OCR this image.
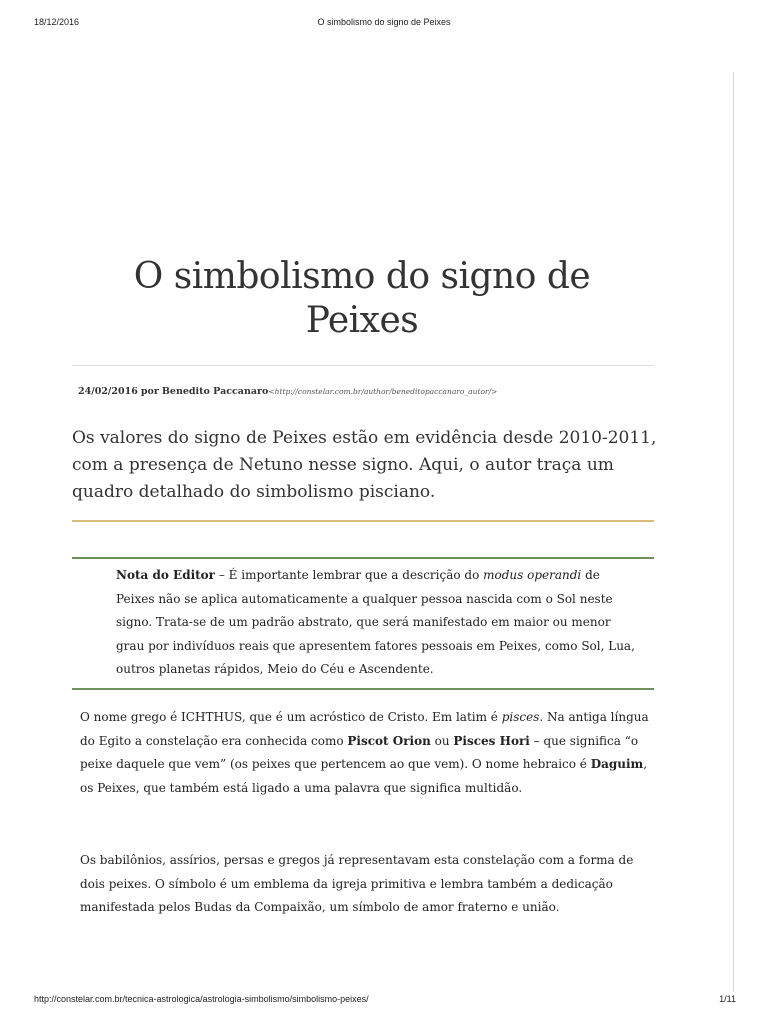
18/12/2016	O simbolismo do signo de Peixes
O simbolismo do signo de
Peixes
24/02/2016 por Benedito Paccanaro<http://constelar.com.br/author/beneditopaccanaro_autor/>

Os valores do signo de Peixes estão em evidência desde 2010-2011, com a presença de Netuno nesse signo. Aqui, o autor traça um quadro detalhado do simbolismo pisciano.

Nota do Editor – É importante lembrar que a descrição do modus operandi de Peixes não se aplica automaticamente a qualquer pessoa nascida com o Sol neste signo. Trata-se de um padrão abstrato, que será manifestado em maior ou menor grau por indivíduos reais que apresentem fatores pessoais em Peixes, como Sol, Lua, outros planetas rápidos, Meio do Céu e Ascendente.

O nome grego é ICHTHUS, que é um acróstico de Cristo. Em latim é pisces. Na antiga língua do Egito a constelação era conhecida como Piscot Orion ou Pisces Hori – que significa “o peixe daquele que vem” (os peixes que pertencem ao que vem). O nome hebraico é Daguim, os Peixes, que também está ligado a uma palavra que significa multidão.

Os babilônios, assírios, persas e gregos já representavam esta constelação com a forma de dois peixes. O símbolo é um emblema da igreja primitiva e lembra também a dedicação manifestada pelos Budas da Compaixão, um símbolo de amor fraterno e união.

http://constelar.com.br/tecnica-astrologica/astrologia-simbolismo/simbolismo-peixes/	1/11
